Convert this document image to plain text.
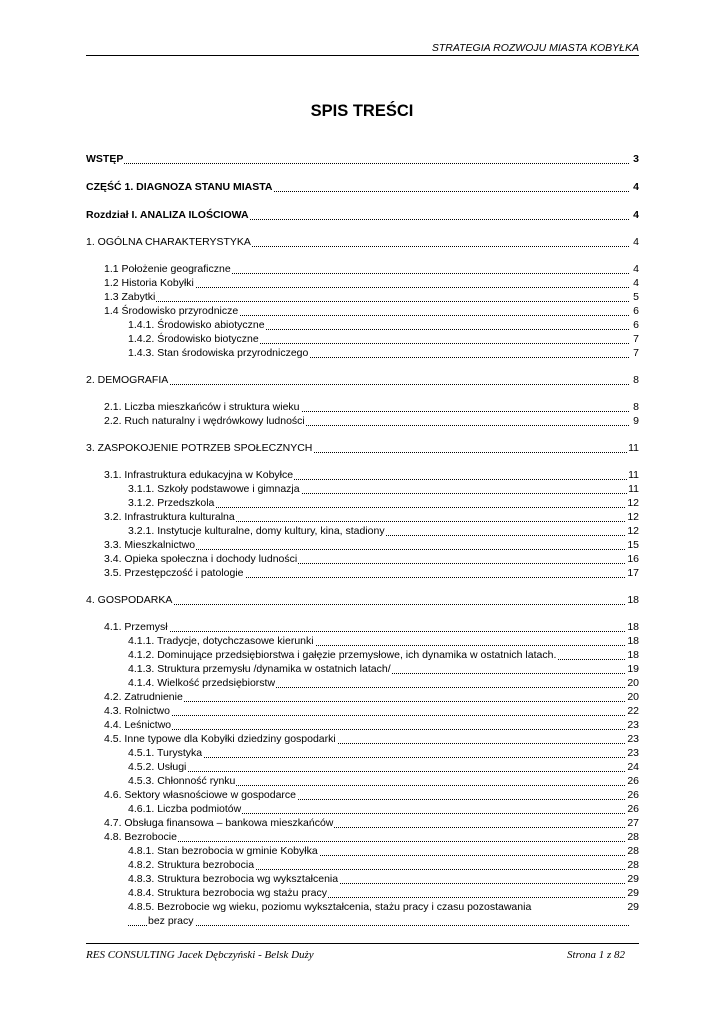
STRATEGIA ROZWOJU MIASTA KOBYŁKA
SPIS TREŚCI
WSTĘP	3
CZĘŚĆ 1. DIAGNOZA STANU MIASTA	4
Rozdział I. ANALIZA ILOŚCIOWA	4
1. OGÓLNA CHARAKTERYSTYKA	4
1.1 Położenie geograficzne	4
1.2 Historia Kobyłki	4
1.3 Zabytki	5
1.4 Środowisko przyrodnicze	6
1.4.1. Środowisko abiotyczne	6
1.4.2. Środowisko biotyczne	7
1.4.3. Stan środowiska przyrodniczego	7
2. DEMOGRAFIA	8
2.1. Liczba mieszkańców i struktura wieku	8
2.2. Ruch naturalny i wędrówkowy ludności	9
3. ZASPOKOJENIE POTRZEB SPOŁECZNYCH	11
3.1. Infrastruktura edukacyjna w Kobyłce	11
3.1.1. Szkoły podstawowe i gimnazja	11
3.1.2. Przedszkola	12
3.2. Infrastruktura kulturalna	12
3.2.1. Instytucje kulturalne, domy kultury, kina, stadiony	12
3.3. Mieszkalnictwo	15
3.4. Opieka społeczna i dochody ludności	16
3.5. Przestępczość i patologie	17
4. GOSPODARKA	18
4.1. Przemysł	18
4.1.1. Tradycje, dotychczasowe kierunki	18
4.1.2. Dominujące przedsiębiorstwa i gałęzie przemysłowe, ich dynamika w ostatnich latach.	18
4.1.3. Struktura przemysłu /dynamika w ostatnich latach/	19
4.1.4. Wielkość przedsiębiorstw	20
4.2. Zatrudnienie	20
4.3. Rolnictwo	22
4.4. Leśnictwo	23
4.5. Inne typowe dla Kobyłki dziedziny gospodarki	23
4.5.1. Turystyka	23
4.5.2. Usługi	24
4.5.3. Chłonność rynku	26
4.6. Sektory własnościowe w gospodarce	26
4.6.1. Liczba podmiotów	26
4.7. Obsługa finansowa – bankowa mieszkańców	27
4.8. Bezrobocie	28
4.8.1. Stan bezrobocia w gminie Kobyłka	28
4.8.2. Struktura bezrobocia	28
4.8.3. Struktura bezrobocia wg wykształcenia	29
4.8.4. Struktura bezrobocia wg stażu pracy	29
4.8.5. Bezrobocie wg wieku, poziomu wykształcenia, stażu pracy i czasu pozostawania
bez pracy
29
RES CONSULTING Jacek Dębczyński - Belsk Duży	Strona 1 z 82
